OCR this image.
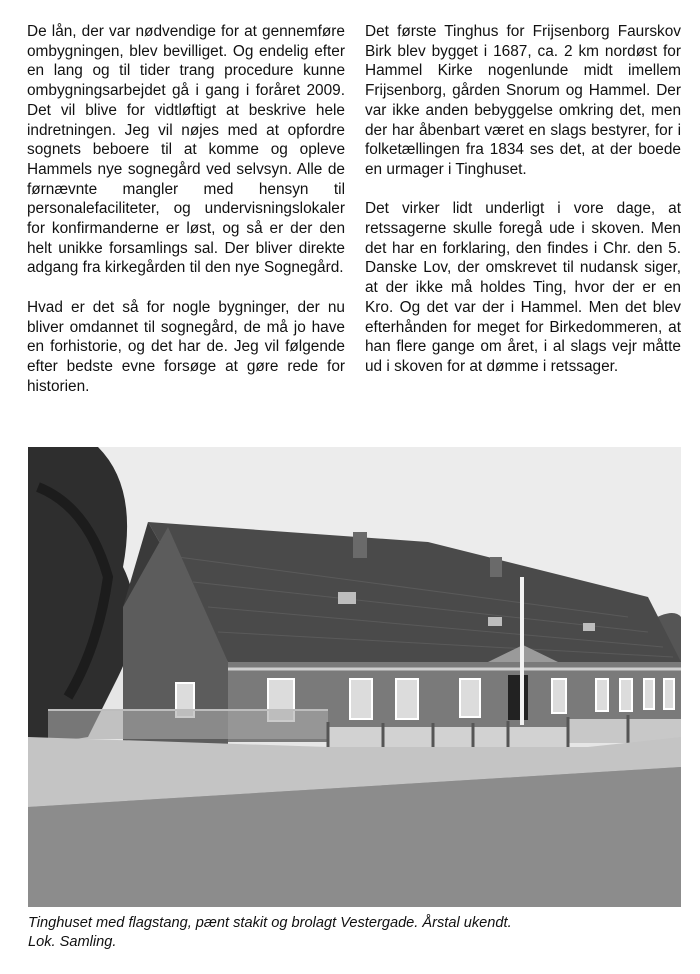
De lån, der var nødvendige for at gennemføre ombygningen, blev bevilliget. Og endelig efter en lang og til tider trang procedure kunne ombygningsarbejdet gå i gang i foråret 2009. Det vil blive for vidtløftigt at beskrive hele indretningen. Jeg vil nøjes med at opfordre sognets beboere til at komme og opleve Hammels nye sognegård ved selvsyn. Alle de førnævnte mangler med hensyn til personalefaciliteter, og undervisningslokaler for konfirmanderne er løst, og så er der den helt unikke forsamlings sal. Der bliver direkte adgang fra kirkegården til den nye Sognegård.

Hvad er det så for nogle bygninger, der nu bliver omdannet til sognegård, de må jo have en forhistorie, og det har de. Jeg vil følgende efter bedste evne forsøge at gøre rede for historien.

Det første Tinghus for Frijsenborg Faurskov Birk blev bygget i 1687, ca. 2 km nordøst for Hammel Kirke nogenlunde midt imellem Frijsenborg, gården Snorum og Hammel. Der var ikke anden bebyggelse omkring det, men der har åbenbart været en slags bestyrer, for i folketællingen fra 1834 ses det, at der boede en urmager i Tinghuset.

Det virker lidt underligt i vore dage, at retssagerne skulle foregå ude i skoven. Men det har en forklaring, den findes i Chr. den 5. Danske Lov, der omskrevet til nudansk siger, at der ikke må holdes Ting, hvor der er en Kro. Og det var der i Hammel. Men det blev efterhånden for meget for Birkedommeren, at han flere gange om året, i al slags vejr måtte ud i skoven for at dømme i retssager.

Tinghuset med flagstang, pænt stakit og brolagt Vestergade. Årstal ukendt.
Lok. Samling.
